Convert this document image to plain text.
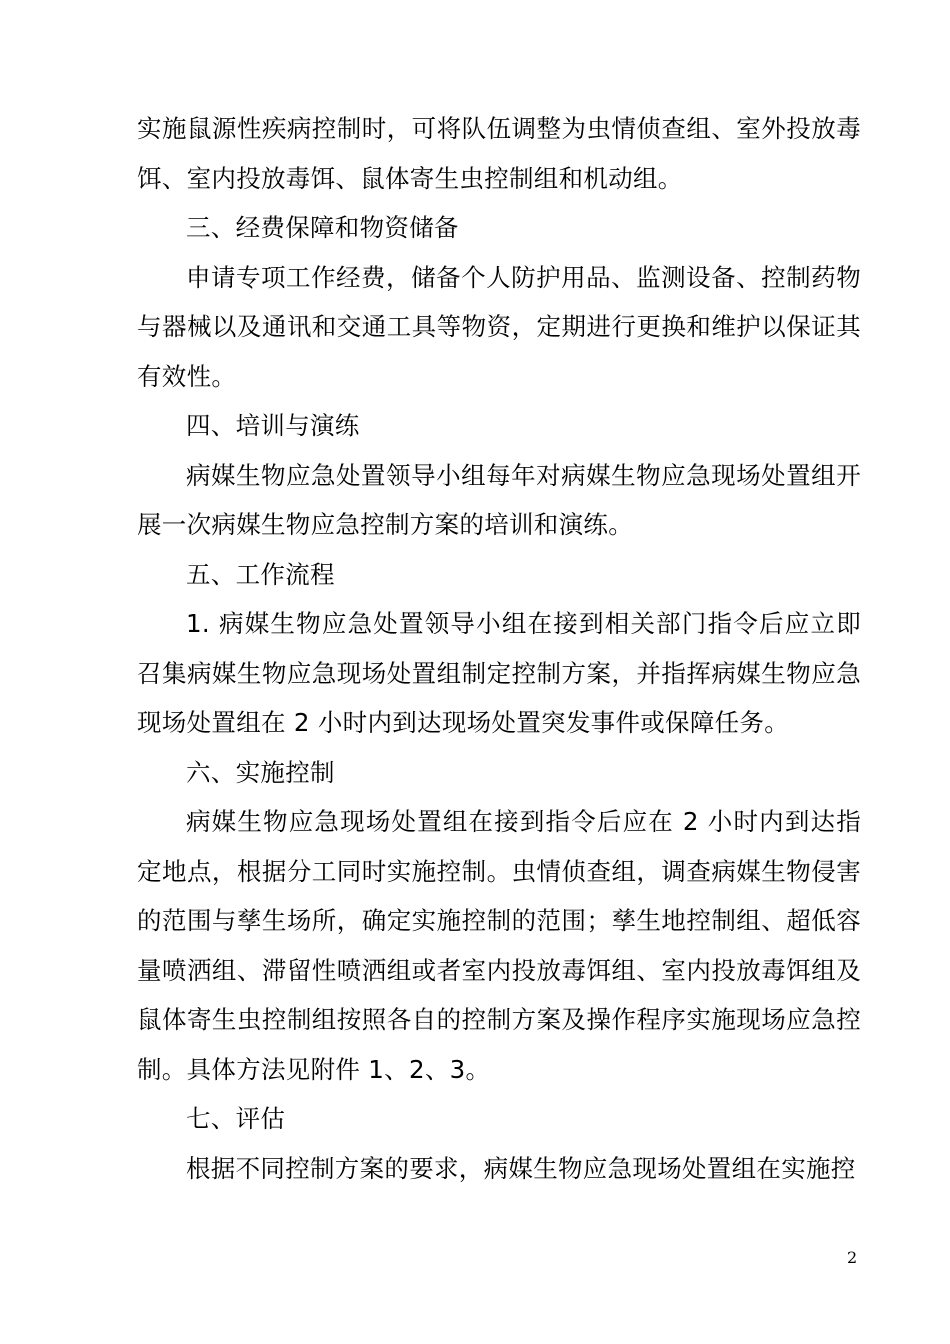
实施鼠源性疾病控制时，可将队伍调整为虫情侦查组、室外投放毒饵、室内投放毒饵、鼠体寄生虫控制组和机动组。

三、经费保障和物资储备

申请专项工作经费，储备个人防护用品、监测设备、控制药物与器械以及通讯和交通工具等物资，定期进行更换和维护以保证其有效性。

四、培训与演练

病媒生物应急处置领导小组每年对病媒生物应急现场处置组开展一次病媒生物应急控制方案的培训和演练。

五、工作流程

1. 病媒生物应急处置领导小组在接到相关部门指令后应立即召集病媒生物应急现场处置组制定控制方案，并指挥病媒生物应急现场处置组在 2 小时内到达现场处置突发事件或保障任务。

六、实施控制

病媒生物应急现场处置组在接到指令后应在 2 小时内到达指定地点，根据分工同时实施控制。虫情侦查组，调查病媒生物侵害的范围与孳生场所，确定实施控制的范围；孳生地控制组、超低容量喷洒组、滞留性喷洒组或者室内投放毒饵组、室内投放毒饵组及鼠体寄生虫控制组按照各自的控制方案及操作程序实施现场应急控制。具体方法见附件 1、2、3。

七、评估

根据不同控制方案的要求，病媒生物应急现场处置组在实施控

2
